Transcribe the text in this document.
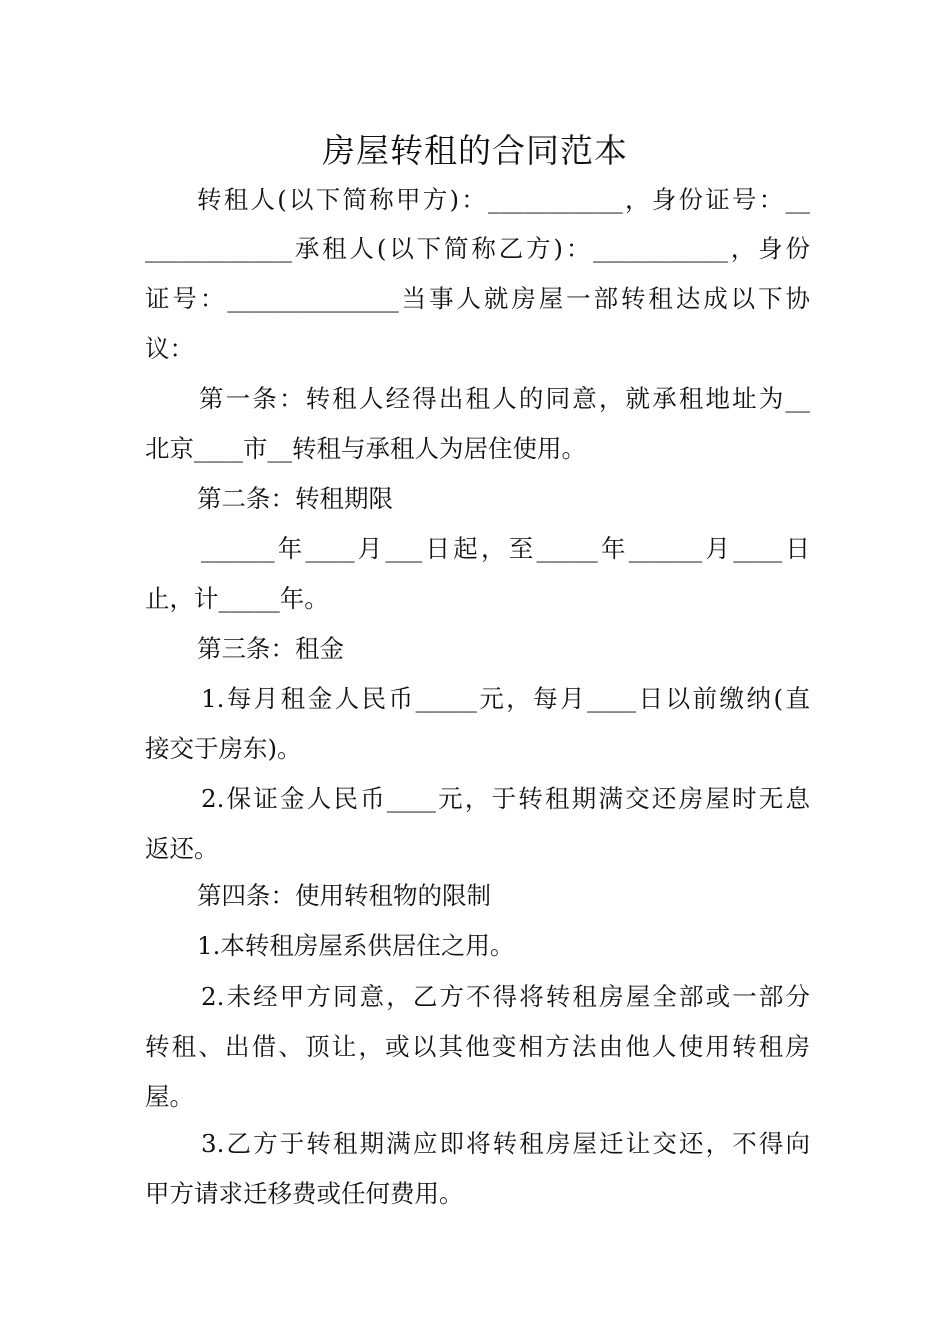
房屋转租的合同范本

转租人(以下简称甲方)：___________，身份证号：__

____________承租人(以下简称乙方)：___________，身份

证号：______________当事人就房屋一部转租达成以下协

议：

第一条：转租人经得出租人的同意，就承租地址为__

北京____市__转租与承租人为居住使用。

第二条：转租期限

______年____月___日起，至_____年______月____日

止，计_____年。

第三条：租金

1.每月租金人民币_____元，每月____日以前缴纳(直

接交于房东)。

2.保证金人民币____元，于转租期满交还房屋时无息

返还。

第四条：使用转租物的限制

1.本转租房屋系供居住之用。

2.未经甲方同意，乙方不得将转租房屋全部或一部分

转租、出借、顶让，或以其他变相方法由他人使用转租房

屋。

3.乙方于转租期满应即将转租房屋迁让交还，不得向

甲方请求迁移费或任何费用。
